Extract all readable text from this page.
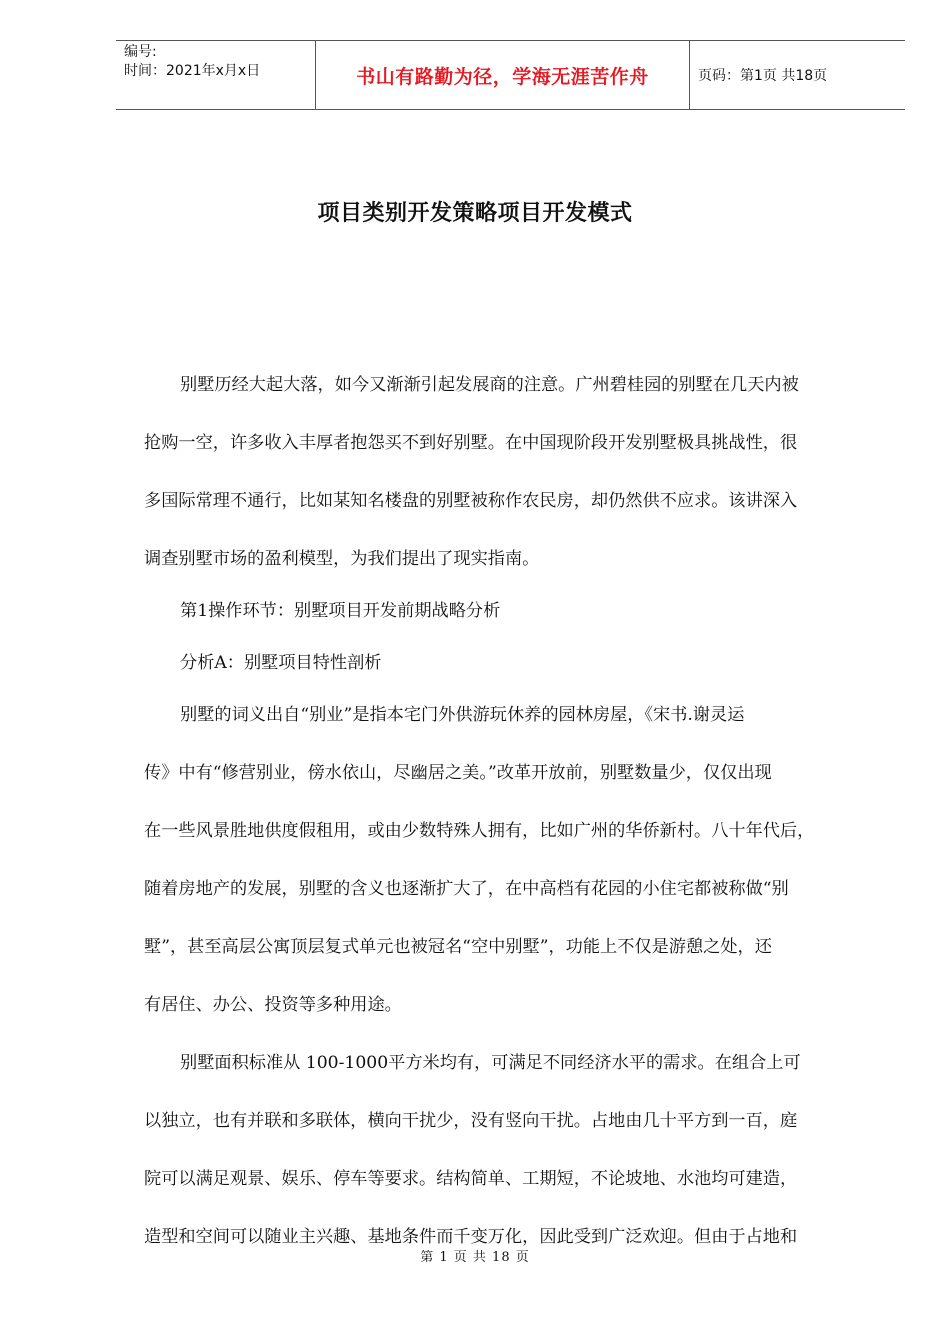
编号:
时间：2021年x月x日	书山有路勤为径，学海无涯苦作舟	页码：第1页 共18页
项目类别开发策略项目开发模式
别墅历经大起大落，如今又渐渐引起发展商的注意。广州碧桂园的别墅在几天内被
抢购一空，许多收入丰厚者抱怨买不到好别墅。在中国现阶段开发别墅极具挑战性，很
多国际常理不通行，比如某知名楼盘的别墅被称作农民房，却仍然供不应求。该讲深入
调查别墅市场的盈利模型，为我们提出了现实指南。
第1操作环节：别墅项目开发前期战略分析
分析A：别墅项目特性剖析
别墅的词义出自“别业”是指本宅门外供游玩休养的园林房屋，《宋书.谢灵运
传》中有“修营别业，傍水依山，尽幽居之美。”改革开放前，别墅数量少，仅仅出现
在一些风景胜地供度假租用，或由少数特殊人拥有，比如广州的华侨新村。八十年代后，
随着房地产的发展，别墅的含义也逐渐扩大了，在中高档有花园的小住宅都被称做“别
墅”，甚至高层公寓顶层复式单元也被冠名“空中别墅”，功能上不仅是游憩之处，还
有居住、办公、投资等多种用途。
别墅面积标准从 100-1000平方米均有，可满足不同经济水平的需求。在组合上可
以独立，也有并联和多联体，横向干扰少，没有竖向干扰。占地由几十平方到一百，庭
院可以满足观景、娱乐、停车等要求。结构简单、工期短，不论坡地、水池均可建造，
造型和空间可以随业主兴趣、基地条件而千变万化，因此受到广泛欢迎。但由于占地和
第 1 页 共 18 页
